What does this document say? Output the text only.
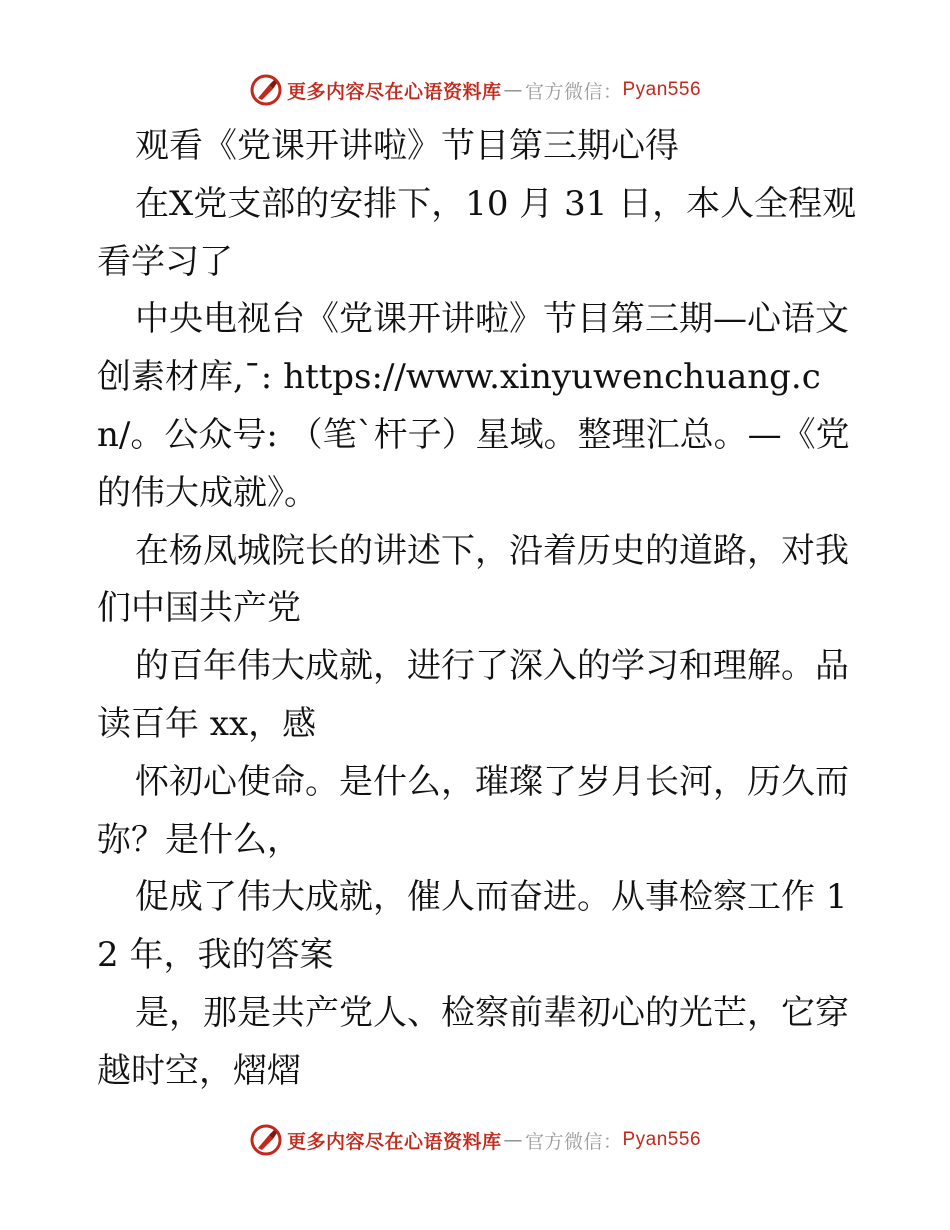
更多内容尽在心语资料库 — 官方微信： Pyan556

观看《党课开讲啦》节目第三期心得

在X党支部的安排下，10 月 31 日，本人全程观看学习了

中央电视台《党课开讲啦》节目第三期—心语文创素材库,¯: https://www.xinyuwenchuang.cn/。公众号: （笔`杆子）星域。整理汇总。—《党的伟大成就》。

在杨凤城院长的讲述下，沿着历史的道路，对我们中国共产党

的百年伟大成就，进行了深入的学习和理解。品读百年 xx，感

怀初心使命。是什么，璀璨了岁月长河，历久而弥？是什么，

促成了伟大成就，催人而奋进。从事检察工作 12 年，我的答案

是，那是共产党人、检察前辈初心的光芒，它穿越时空，熠熠

更多内容尽在心语资料库 — 官方微信： Pyan556
